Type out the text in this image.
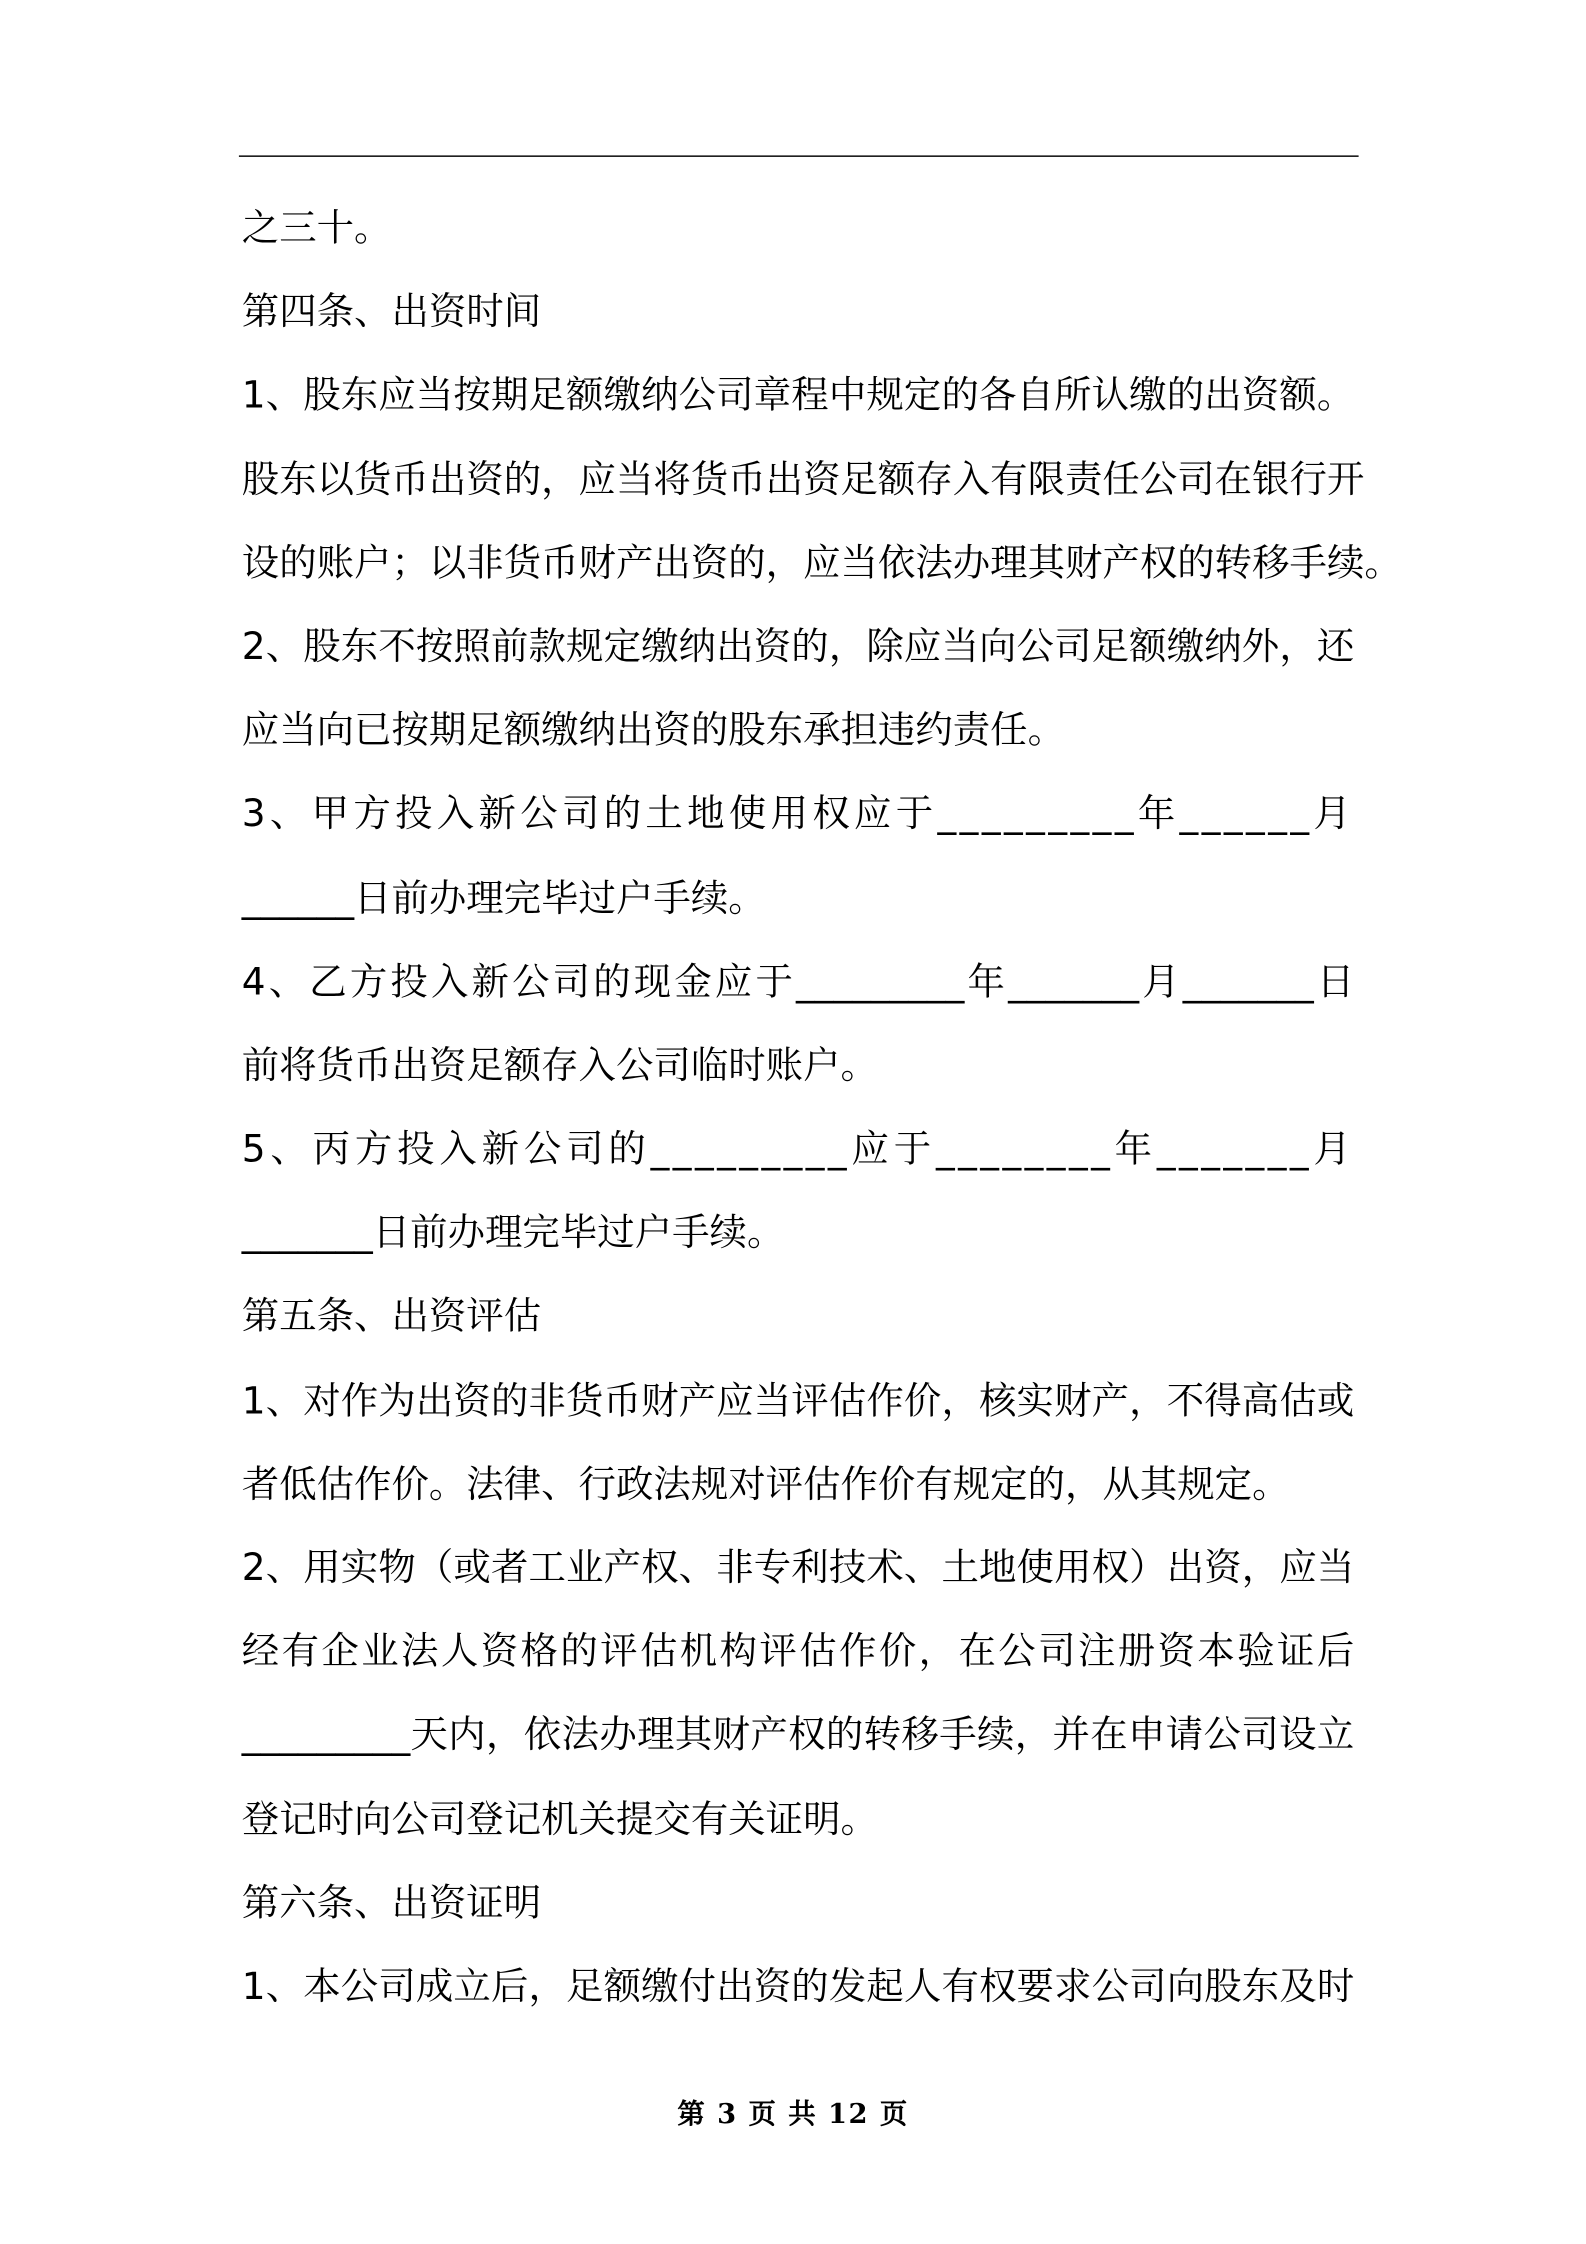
之三十。
第四条、出资时间
1、股东应当按期足额缴纳公司章程中规定的各自所认缴的出资额。
股东以货币出资的，应当将货币出资足额存入有限责任公司在银行开
设的账户；以非货币财产出资的，应当依法办理其财产权的转移手续。
2、股东不按照前款规定缴纳出资的，除应当向公司足额缴纳外，还
应当向已按期足额缴纳出资的股东承担违约责任。
3、甲方投入新公司的土地使用权应于_________年______月
______日前办理完毕过户手续。
4、乙方投入新公司的现金应于_________年_______月_______日
前将货币出资足额存入公司临时账户。
5、丙方投入新公司的_________应于________年_______月
_______日前办理完毕过户手续。
第五条、出资评估
1、对作为出资的非货币财产应当评估作价，核实财产，不得高估或
者低估作价。法律、行政法规对评估作价有规定的，从其规定。
2、用实物（或者工业产权、非专利技术、土地使用权）出资，应当
经有企业法人资格的评估机构评估作价，在公司注册资本验证后
_________天内，依法办理其财产权的转移手续，并在申请公司设立
登记时向公司登记机关提交有关证明。
第六条、出资证明
1、本公司成立后，足额缴付出资的发起人有权要求公司向股东及时
第 3 页 共 12 页
